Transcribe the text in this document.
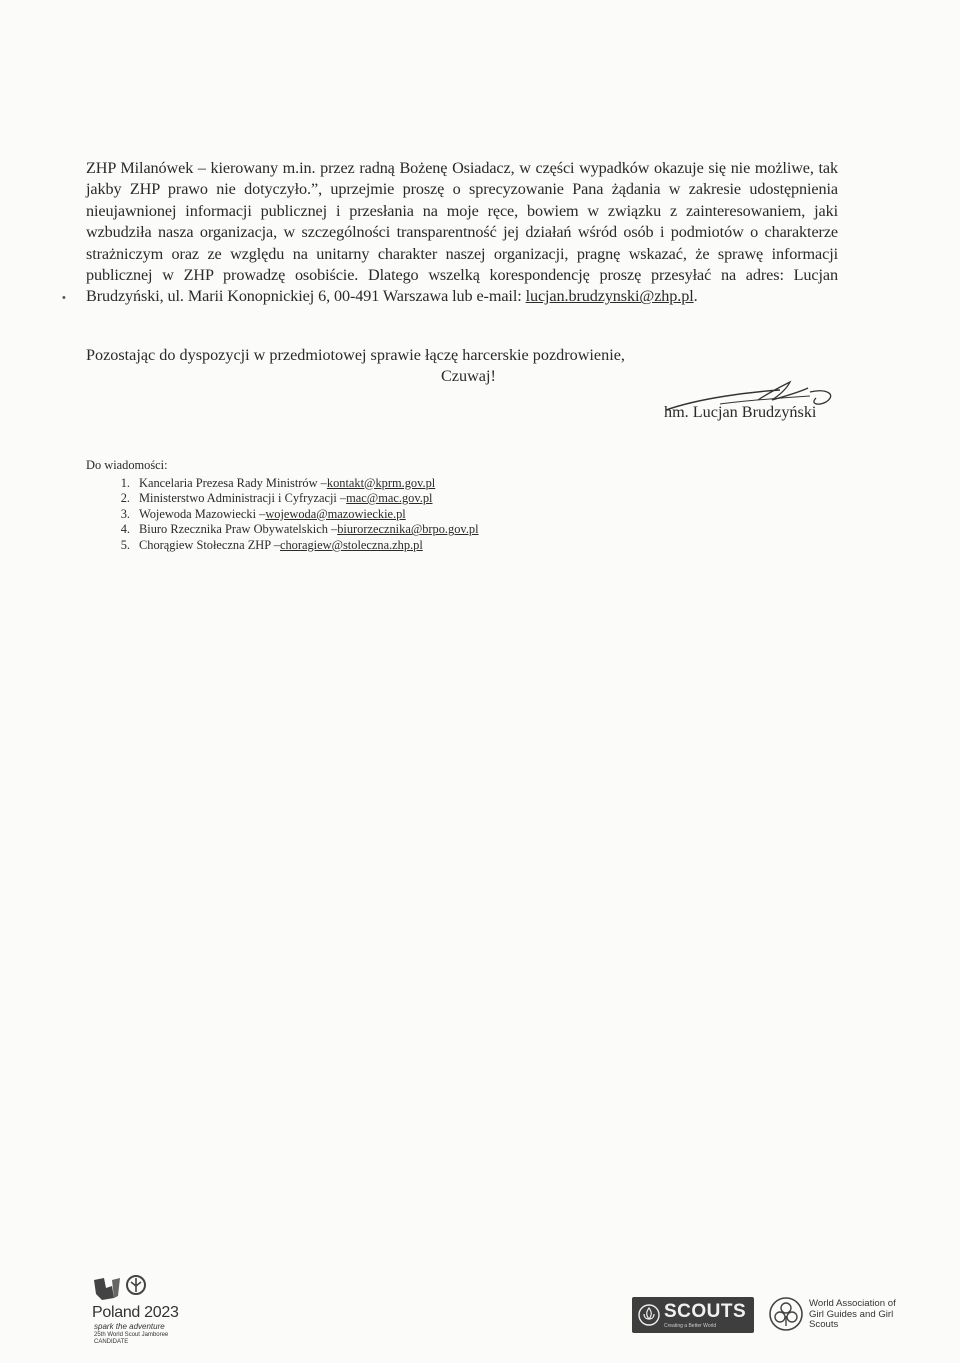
ZHP Milanówek – kierowany m.in. przez radną Bożenę Osiadacz, w części wypadków okazuje się nie możliwe, tak jakby ZHP prawo nie dotyczyło.”, uprzejmie proszę o sprecyzowanie Pana żądania w zakresie udostępnienia nieujawnionej informacji publicznej i przesłania na moje ręce, bowiem w związku z zainteresowaniem, jaki wzbudziła nasza organizacja, w szczególności transparentność jej działań wśród osób i podmiotów o charakterze strażniczym oraz ze względu na unitarny charakter naszej organizacji, pragnę wskazać, że sprawę informacji publicznej w ZHP prowadzę osobiście. Dlatego wszelką korespondencję proszę przesyłać na adres: Lucjan Brudzyński, ul. Marii Konopnickiej 6, 00-491 Warszawa lub e-mail: lucjan.brudzynski@zhp.pl.

•
Pozostając do dyspozycji w przedmiotowej sprawie łączę harcerskie pozdrowienie,
Czuwaj!
hm. Lucjan Brudzyński
Do wiadomości:
1. Kancelaria Prezesa Rady Ministrów – kontakt@kprm.gov.pl
2. Ministerstwo Administracji i Cyfryzacji – mac@mac.gov.pl
3. Wojewoda Mazowiecki – wojewoda@mazowieckie.pl
4. Biuro Rzecznika Praw Obywatelskich – biurorzecznika@brpo.gov.pl
5. Chorągiew Stołeczna ZHP – choragiew@stoleczna.zhp.pl
Poland 2023
spark the adventure
25th World Scout Jamboree
CANDIDATE
SCOUTS
Creating a Better World
World Association of Girl Guides and Girl Scouts
